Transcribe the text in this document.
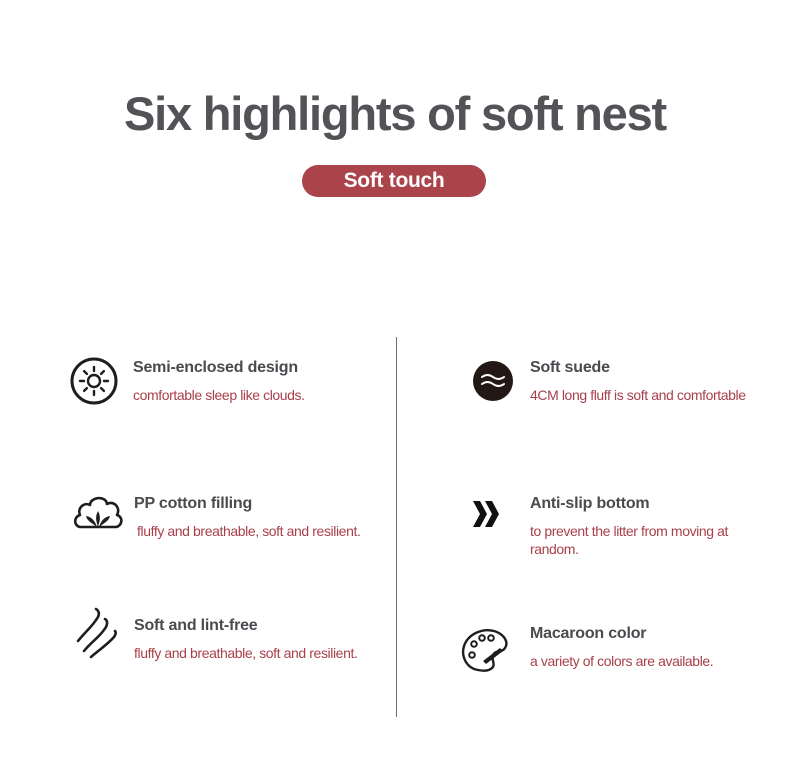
Six highlights of soft nest
Soft touch
Semi-enclosed design
comfortable sleep like clouds.
Soft suede
4CM long fluff is soft and comfortable
PP cotton filling
fluffy and breathable, soft and resilient.
Anti-slip bottom
to prevent the litter from moving at random.
Soft and lint-free
fluffy and breathable, soft and resilient.
Macaroon color
a variety of colors are available.
